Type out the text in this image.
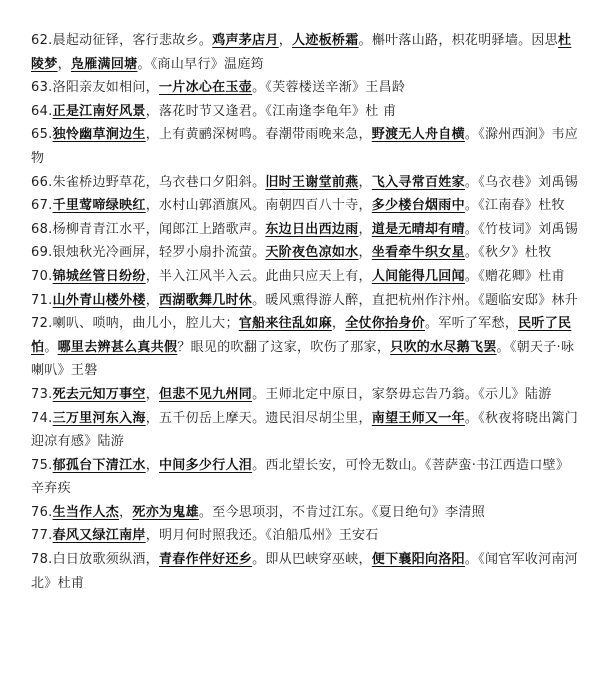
62.晨起动征铎，客行悲故乡。鸡声茅店月，人迹板桥霜。槲叶落山路，枳花明驿墙。因思杜陵梦，凫雁满回塘。《商山早行》温庭筠

63.洛阳亲友如相问，一片冰心在玉壶。《芙蓉楼送辛渐》王昌龄

64.正是江南好风景，落花时节又逢君。《江南逢李龟年》杜 甫

65.独怜幽草涧边生，上有黄鹂深树鸣。春潮带雨晚来急，野渡无人舟自横。《滁州西涧》韦应物

66.朱雀桥边野草花，乌衣巷口夕阳斜。旧时王谢堂前燕，飞入寻常百姓家。《乌衣巷》刘禹锡

67.千里莺啼绿映红，水村山郭酒旗风。南朝四百八十寺，多少楼台烟雨中。《江南春》杜牧

68.杨柳青青江水平，闻郎江上踏歌声。东边日出西边雨，道是无晴却有晴。《竹枝词》刘禹锡

69.银烛秋光冷画屏，轻罗小扇扑流萤。天阶夜色凉如水，坐看牵牛织女星。《秋夕》杜牧

70.锦城丝管日纷纷，半入江风半入云。此曲只应天上有，人间能得几回闻。《赠花卿》杜甫

71.山外青山楼外楼，西湖歌舞几时休。暖风熏得游人醉，直把杭州作汴州。《题临安邸》林升

72.喇叭、唢呐，曲儿小，腔儿大；官船来往乱如麻，全仗你抬身价。军听了军愁，民听了民怕。哪里去辨甚么真共假？眼见的吹翻了这家，吹伤了那家，只吹的水尽鹅飞罢。《朝天子·咏喇叭》王磐

73.死去元知万事空，但悲不见九州同。王师北定中原日，家祭毋忘告乃翁。《示儿》陆游

74.三万里河东入海，五千仞岳上摩天。遗民泪尽胡尘里，南望王师又一年。《秋夜将晓出篱门迎凉有感》陆游

75.郁孤台下清江水，中间多少行人泪。西北望长安，可怜无数山。《菩萨蛮·书江西造口壁》辛弃疾

76.生当作人杰，死亦为鬼雄。至今思项羽，不肯过江东。《夏日绝句》李清照

77.春风又绿江南岸，明月何时照我还。《泊船瓜州》王安石

78.白日放歌须纵酒，青春作伴好还乡。即从巴峡穿巫峡，便下襄阳向洛阳。《闻官军收河南河北》杜甫
